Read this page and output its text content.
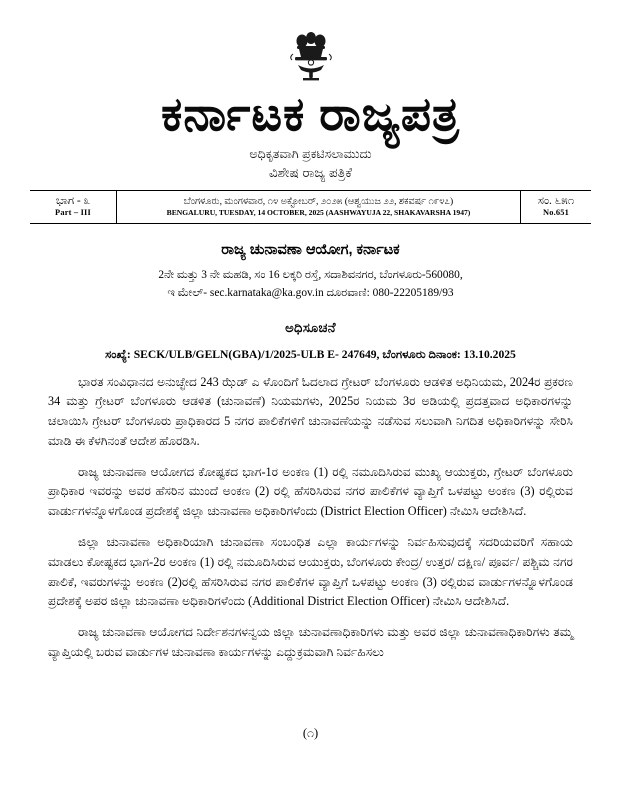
ಕರ್ನಾಟಕ ರಾಜ್ಯಪತ್ರ
ಅಧಿಕೃತವಾಗಿ ಪ್ರಕಟಿಸಲಾಮುದು
ವಿಶೇಷ ರಾಜ್ಯ ಪತ್ರಿಕೆ
ಭಾಗ - ೩
Part – III
ಬೆಂಗಳೂರು, ಮಂಗಳವಾರ, ೧೪ ಅಕ್ಟೋಬರ್, ೨೦೨೫ (ಆಶ್ವಯುಜ ೨೨, ಶಕವರ್ಷ ೧೯೪೭)
BENGALURU, TUESDAY, 14 OCTOBER, 2025 (AASHWAYUJA 22, SHAKAVARSHA 1947)
ಸಂ. ೬೫೧
No.651
ರಾಜ್ಯ ಚುನಾವಣಾ ಆಯೋಗ, ಕರ್ನಾಟಕ
2ನೇ ಮತ್ತು 3 ನೇ ಮಹಡಿ, ಸಂ 16 ಲಕ್ಕರಿ ರಸ್ತೆ, ಸದಾಶಿವನಗರ, ಬೆಂಗಳೂರು-560080,
ಇ ಮೇಲ್- sec.karnataka@ka.gov.in ದೂರವಾಣಿ: 080-22205189/93
ಅಧಿಸೂಚನೆ
ಸಂಖ್ಯೆ: SECK/ULB/GELN(GBA)/1/2025-ULB E- 247649, ಬೆಂಗಳೂರು ದಿನಾಂಕ: 13.10.2025

ಭಾರತ ಸಂವಿಧಾನದ ಅನುಚ್ಛೇದ 243 ಝೆಡ್ ಎ ಳೊಂದಿಗೆ ಓದಲಾದ ಗ್ರೇಟರ್ ಬೆಂಗಳೂರು ಆಡಳಿತ ಅಧಿನಿಯಮ, 2024ರ ಪ್ರಕರಣ 34 ಮತ್ತು ಗ್ರೇಟರ್ ಬೆಂಗಳೂರು ಆಡಳಿತ (ಚುನಾವಣೆ) ನಿಯಮಗಳು, 2025ರ ನಿಯಮ 3ರ ಅಡಿಯಲ್ಲಿ ಪ್ರದತ್ತವಾದ ಅಧಿಕಾರಗಳನ್ನು ಚಲಾಯಿಸಿ ಗ್ರೇಟರ್ ಬೆಂಗಳೂರು ಪ್ರಾಧಿಕಾರದ 5 ನಗರ ಪಾಲಿಕೆಗಳಿಗೆ ಚುನಾವಣೆಯನ್ನು ನಡೆಸುವ ಸಲುವಾಗಿ ನಿಗದಿತ ಅಧಿಕಾರಿಗಳನ್ನು ಸೇರಿಸಿ ಮಾಡಿ ಈ ಕೆಳಗಿನಂತೆ ಆದೇಶ ಹೊರಡಿಸಿ.

ರಾಜ್ಯ ಚುನಾವಣಾ ಆಯೋಗದ ಕೋಷ್ಟಕದ ಭಾಗ-1ರ ಅಂಕಣ (1) ರಲ್ಲಿ ನಮೂದಿಸಿರುವ ಮುಖ್ಯ ಆಯುಕ್ತರು, ಗ್ರೇಟರ್ ಬೆಂಗಳೂರು ಪ್ರಾಧಿಕಾರ ಇವರನ್ನು ಅವರ ಹೆಸರಿನ ಮುಂದೆ ಅಂಕಣ (2) ರಲ್ಲಿ ಹೆಸರಿಸಿರುವ ನಗರ ಪಾಲಿಕೆಗಳ ವ್ಯಾಪ್ತಿಗೆ ಒಳಪಟ್ಟು ಅಂಕಣ (3) ರಲ್ಲಿರುವ ವಾರ್ಡುಗಳನ್ನೊಳಗೊಂಡ ಪ್ರದೇಶಕ್ಕೆ ಜಿಲ್ಲಾ ಚುನಾವಣಾ ಅಧಿಕಾರಿಗಳೆಂದು (District Election Officer) ನೇಮಿಸಿ ಆದೇಶಿಸಿದೆ.

ಜಿಲ್ಲಾ ಚುನಾವಣಾ ಅಧಿಕಾರಿಯಾಗಿ ಚುನಾವಣಾ ಸಂಬಂಧಿತ ಎಲ್ಲಾ ಕಾರ್ಯಗಳನ್ನು ನಿರ್ವಹಿಸುವುದಕ್ಕೆ ಸದರಿಯವರಿಗೆ ಸಹಾಯ ಮಾಡಲು ಕೋಷ್ಟಕದ ಭಾಗ-2ರ ಅಂಕಣ (1) ರಲ್ಲಿ ನಮೂದಿಸಿರುವ ಆಯುಕ್ತರು, ಬೆಂಗಳೂರು ಕೇಂದ್ರ/ ಉತ್ತರ/ ದಕ್ಷಿಣ/ ಪೂರ್ವ/ ಪಶ್ಚಿಮ ನಗರ ಪಾಲಿಕೆ, ಇವರುಗಳನ್ನು ಅಂಕಣ (2)ರಲ್ಲಿ ಹೆಸರಿಸಿರುವ ನಗರ ಪಾಲಿಕೆಗಳ ವ್ಯಾಪ್ತಿಗೆ ಒಳಪಟ್ಟು ಅಂಕಣ (3) ರಲ್ಲಿರುವ ವಾರ್ಡುಗಳನ್ನೊಳಗೊಂಡ ಪ್ರದೇಶಕ್ಕೆ ಅಪರ ಜಿಲ್ಲಾ ಚುನಾವಣಾ ಅಧಿಕಾರಿಗಳೆಂದು (Additional District Election Officer) ನೇಮಿಸಿ ಆದೇಶಿಸಿದೆ.

ರಾಜ್ಯ ಚುನಾವಣಾ ಆಯೋಗದ ನಿರ್ದೇಶನಗಳನ್ವಯ ಜಿಲ್ಲಾ ಚುನಾವಣಾಧಿಕಾರಿಗಳು ಮತ್ತು ಅವರ ಜಿಲ್ಲಾ ಚುನಾವಣಾಧಿಕಾರಿಗಳು ತಮ್ಮ ವ್ಯಾಪ್ತಿಯಲ್ಲಿ ಬರುವ ವಾರ್ಡುಗಳ ಚುನಾವಣಾ ಕಾರ್ಯಗಳನ್ನು ಎದ್ದುಕ್ರಮವಾಗಿ ನಿರ್ವಹಿಸಲು

(೧)
